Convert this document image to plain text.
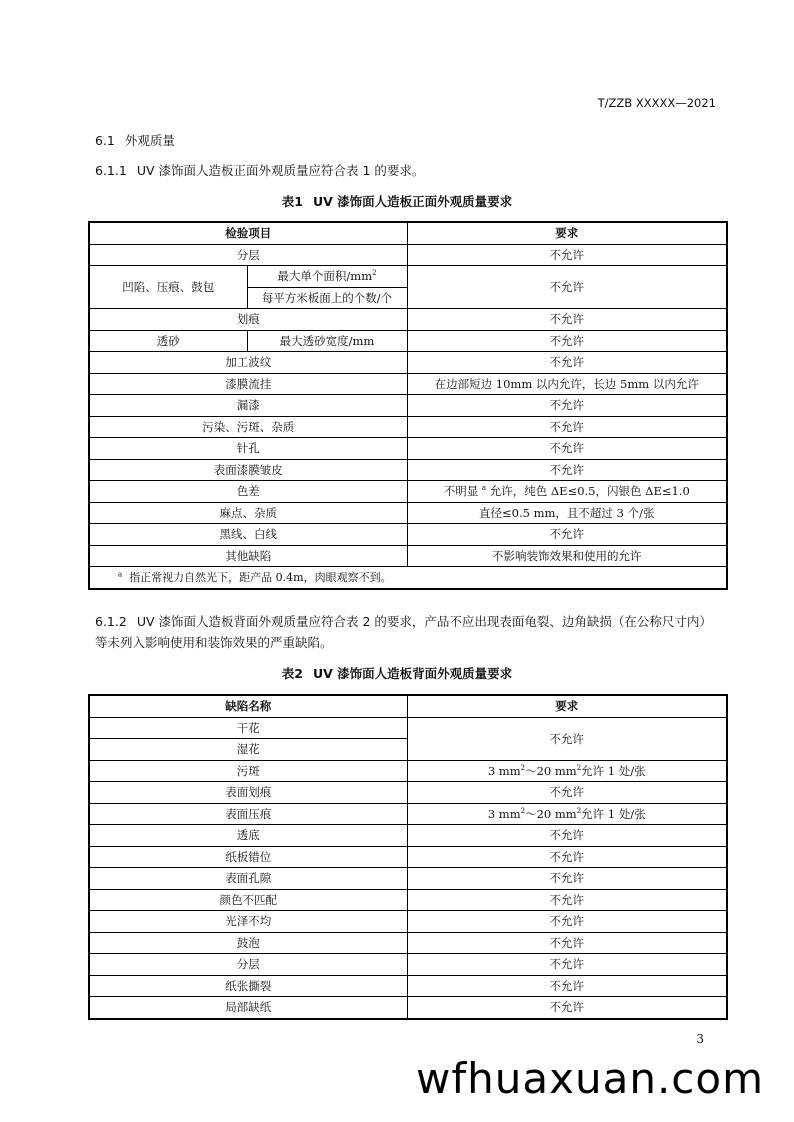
T/ZZB XXXXX—2021
6.1 外观质量
6.1.1 UV 漆饰面人造板正面外观质量应符合表 1 的要求。
表1 UV 漆饰面人造板正面外观质量要求
检验项目		要求
分层		不允许
凹陷、压痕、鼓包	最大单个面积$/mm^2$	不允许
	每平方米板面上的个数/个	
划痕		不允许
透砂	最大透砂宽度/mm	不允许
加工波纹		不允许
漆膜流挂		在边部短边 10mm 以内允许，长边 5mm 以内允许
漏漆		不允许
污染、污斑、杂质		不允许
针孔		不允许
表面漆膜皱皮		不允许
色差		不明显 $^a$ 允许，纯色 ΔE≤0.5，闪银色 ΔE≤1.0
麻点、杂质		直径≤0.5 mm，且不超过 3 个/张
黑线、白线		不允许
其他缺陷		不影响装饰效果和使用的允许
$^a$ 指正常视力自然光下，距产品 0.4m，肉眼观察不到。		
6.1.2 UV 漆饰面人造板背面外观质量应符合表 2 的要求，产品不应出现表面龟裂、边角缺损（在公称尺寸内）等未列入影响使用和装饰效果的严重缺陷。
表2 UV 漆饰面人造板背面外观质量要求
缺陷名称	要求
干花	不允许
湿花	
污斑	3 $mm^2\sim 20$ $mm^2$允许 1 处/张
表面划痕	不允许
表面压痕	3 $mm^2\sim 20$ $mm^2$允许 1 处/张
透底	不允许
纸板错位	不允许
表面孔隙	不允许
颜色不匹配	不允许
光泽不均	不允许
鼓泡	不允许
分层	不允许
纸张撕裂	不允许
局部缺纸	不允许
3
wfhuaxuan.com
